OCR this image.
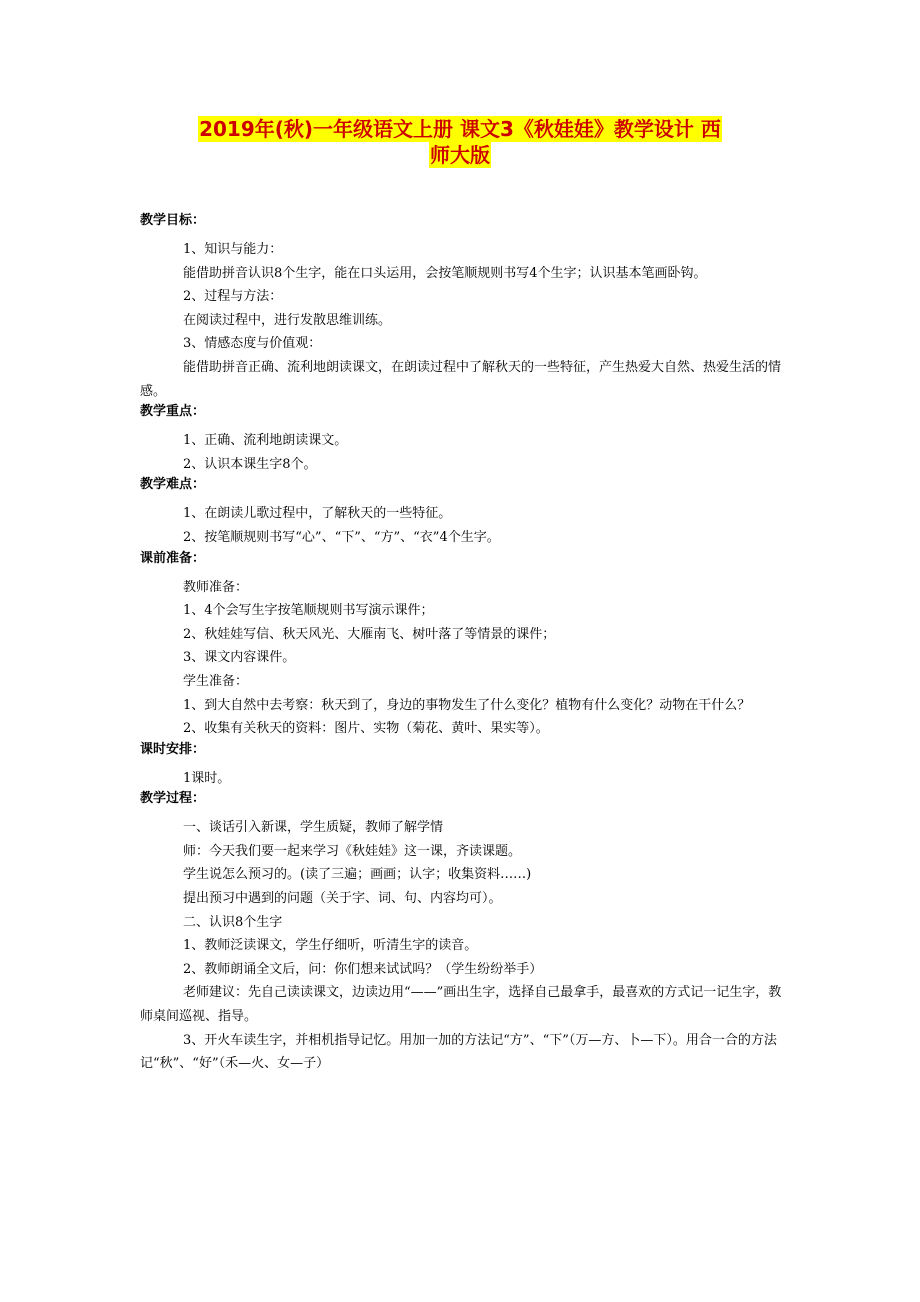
2019年(秋)一年级语文上册 课文3《秋娃娃》教学设计 西
师大版
教学目标：
1、知识与能力：
能借助拼音认识8个生字，能在口头运用，会按笔顺规则书写4个生字；认识基本笔画卧钩。
2、过程与方法：
在阅读过程中，进行发散思维训练。
3、情感态度与价值观：
能借助拼音正确、流利地朗读课文，在朗读过程中了解秋天的一些特征，产生热爱大自然、热爱生活的情感。
教学重点：
1、正确、流利地朗读课文。
2、认识本课生字8个。
教学难点：
1、在朗读儿歌过程中，了解秋天的一些特征。
2、按笔顺规则书写“心”、“下”、“方”、“衣”4个生字。
课前准备：
教师准备：
1、4个会写生字按笔顺规则书写演示课件；
2、秋娃娃写信、秋天风光、大雁南飞、树叶落了等情景的课件；
3、课文内容课件。
学生准备：
1、到大自然中去考察：秋天到了，身边的事物发生了什么变化？植物有什么变化？动物在干什么？
2、收集有关秋天的资料：图片、实物（菊花、黄叶、果实等）。
课时安排：
1课时。
教学过程：
一、谈话引入新课，学生质疑，教师了解学情
师：今天我们要一起来学习《秋娃娃》这一课，齐读课题。
学生说怎么预习的。(读了三遍；画画；认字；收集资料……)
提出预习中遇到的问题（关于字、词、句、内容均可）。
二、认识8个生字
1、教师泛读课文，学生仔细听，听清生字的读音。
2、教师朗诵全文后，问：你们想来试试吗？（学生纷纷举手）
老师建议：先自己读读课文，边读边用“——”画出生字，选择自己最拿手，最喜欢的方式记一记生字，教师桌间巡视、指导。
3、开火车读生字，并相机指导记忆。用加一加的方法记“方”、“下”（万—方、卜—下）。用合一合的方法记“秋”、“好”（禾—火、女—子）
